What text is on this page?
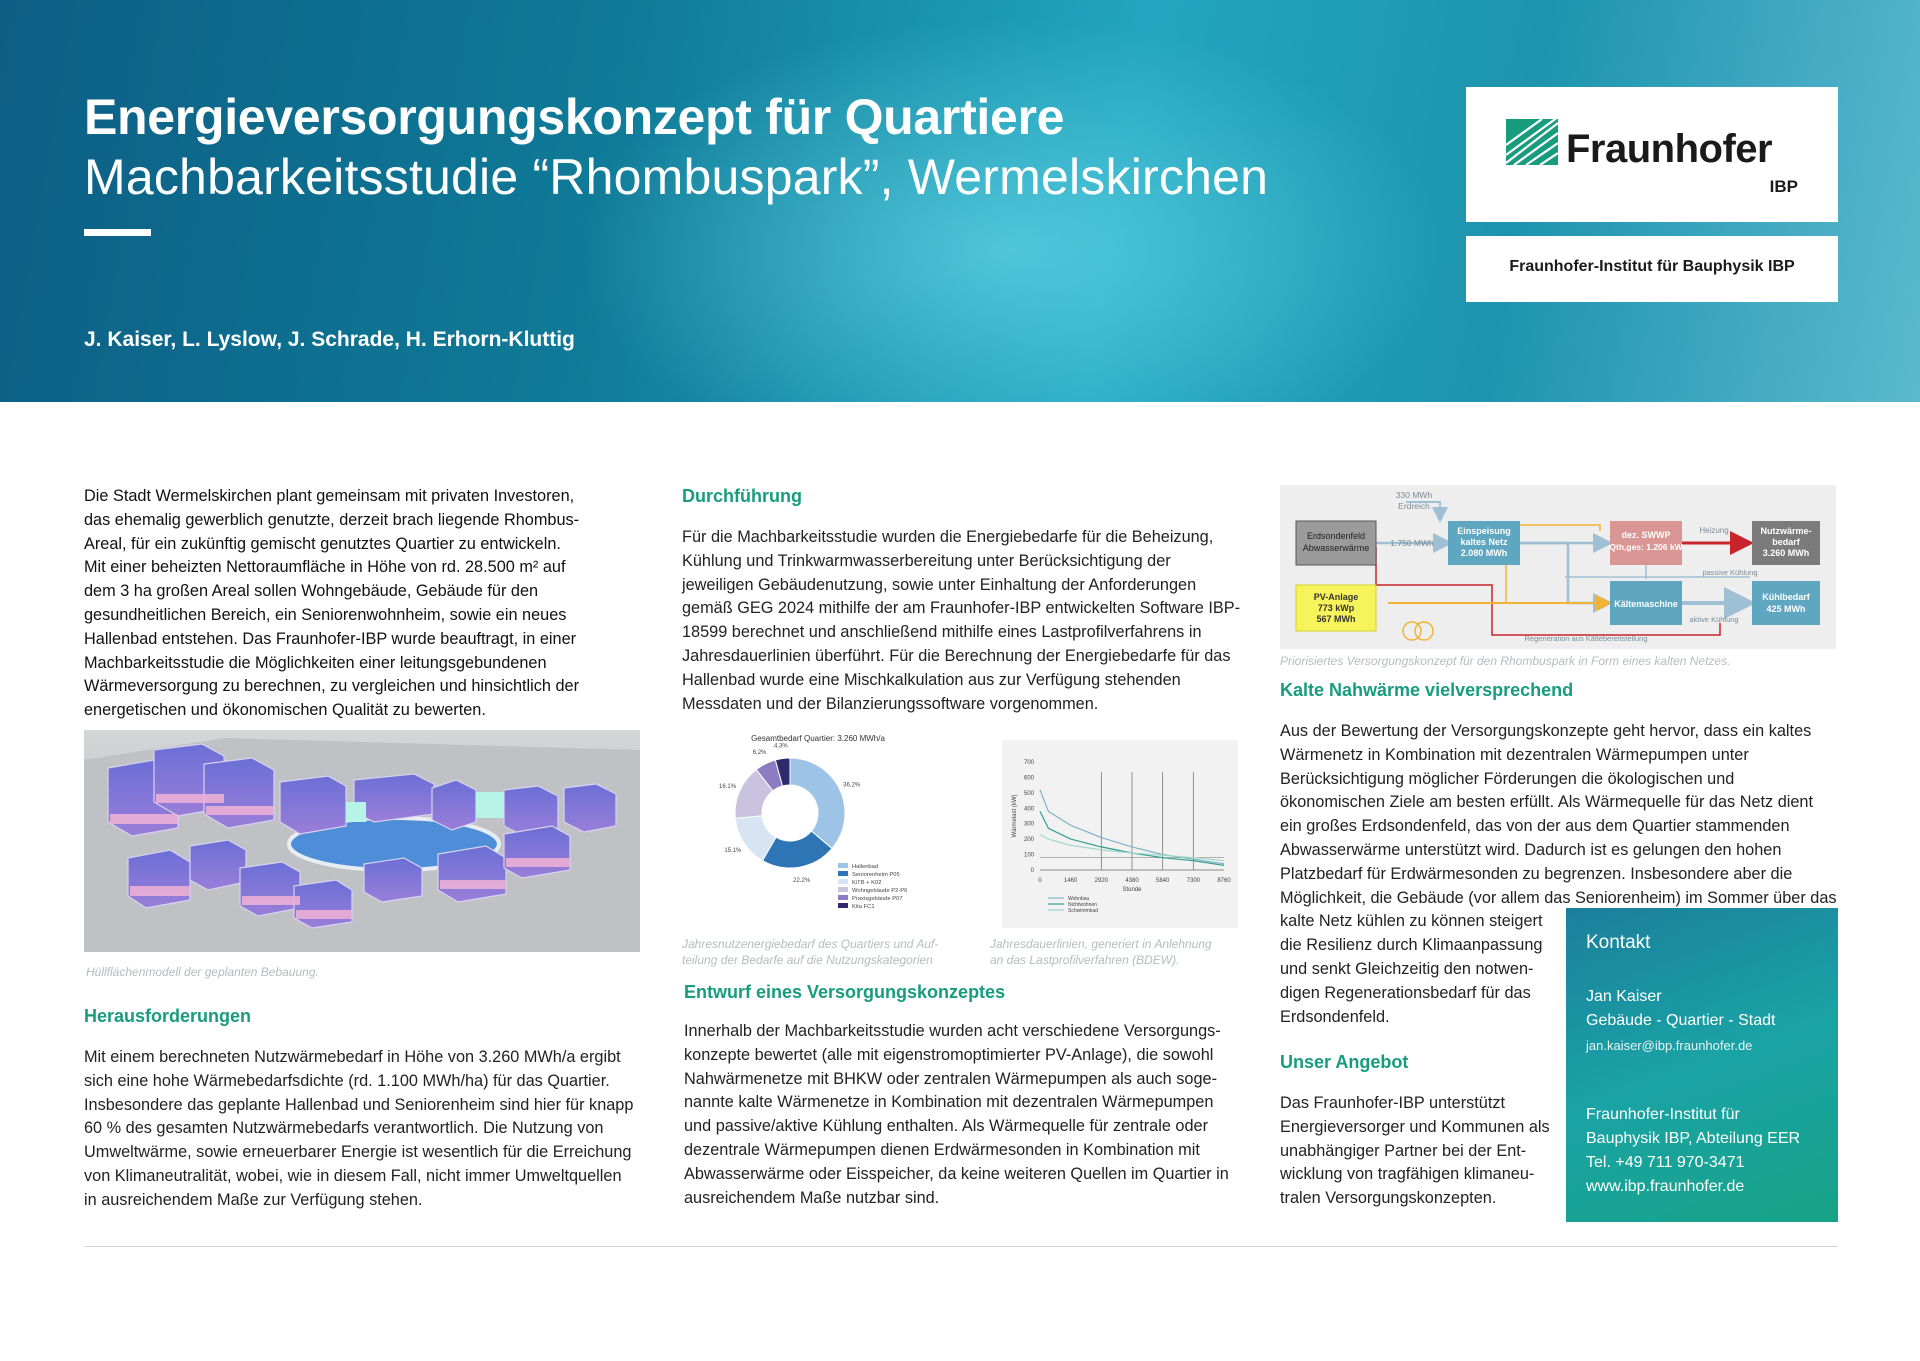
Energieversorgungskonzept für Quartiere
Machbarkeitsstudie “Rhombuspark”, Wermelskirchen
J. Kaiser, L. Lyslow, J. Schrade, H. Erhorn-Kluttig
Fraunhofer
IBP
Fraunhofer-Institut für Bauphysik IBP
Die Stadt Wermelskirchen plant gemeinsam mit privaten Investoren,
das ehemalig gewerblich genutzte, derzeit brach liegende Rhombus-
Areal, für ein zukünftig gemischt genutztes Quartier zu entwickeln.
Mit einer beheizten Nettoraumfläche in Höhe von rd. 28.500 m² auf
dem 3 ha großen Areal sollen Wohngebäude, Gebäude für den
gesundheitlichen Bereich, ein Seniorenwohnheim, sowie ein neues
Hallenbad entstehen. Das Fraunhofer-IBP wurde beauftragt, in einer
Machbarkeitsstudie die Möglichkeiten einer leitungsgebundenen
Wärmeversorgung zu berechnen, zu vergleichen und hinsichtlich der
energetischen und ökonomischen Qualität zu bewerten.
Hüllflächenmodell der geplanten Bebauung.
Herausforderungen
Mit einem berechneten Nutzwärmebedarf in Höhe von 3.260 MWh/a ergibt
sich eine hohe Wärmebedarfsdichte (rd. 1.100 MWh/ha) für das Quartier.
Insbesondere das geplante Hallenbad und Seniorenheim sind hier für knapp
60 % des gesamten Nutzwärmebedarfs verantwortlich. Die Nutzung von
Umweltwärme, sowie erneuerbarer Energie ist wesentlich für die Erreichung
von Klimaneutralität, wobei, wie in diesem Fall, nicht immer Umweltquellen
in ausreichendem Maße zur Verfügung stehen.
Durchführung
Für die Machbarkeitsstudie wurden die Energiebedarfe für die Beheizung,
Kühlung und Trinkwarmwasserbereitung unter Berücksichtigung der
jeweiligen Gebäudenutzung, sowie unter Einhaltung der Anforderungen
gemäß GEG 2024 mithilfe der am Fraunhofer-IBP entwickelten Software IBP-
18599 berechnet und anschließend mithilfe eines Lastprofilverfahrens in
Jahresdauerlinien überführt. Für die Berechnung der Energiebedarfe für das
Hallenbad wurde eine Mischkalkulation aus zur Verfügung stehenden
Messdaten und der Bilanzierungssoftware vorgenommen.
Gesamtbedarf Quartier: 3.260 MWh/a
36.2%
22.2%
15.1%
16.1%
6.2%
4.3%
Hallenbad
Seniorenheim P05
KiTB + K02
Wohngebäude P2-P6
Praxisgebäude P07
Kita FC1
Jahresnutzenergiebedarf des Quartiers und Auf-
teilung der Bedarfe auf die Nutzungskategorien
0
100
200
300
400
500
600
700
0	1460	2920	4380	5840	7300	8760
Stunde
Wärmelast (kW)
Wohnbau
Nichtwohnen
Schwimmbad
Jahresdauerlinien, generiert in Anlehnung
an das Lastprofilverfahren (BDEW).
Entwurf eines Versorgungskonzeptes
Innerhalb der Machbarkeitsstudie wurden acht verschiedene Versorgungs-
konzepte bewertet (alle mit eigenstromoptimierter PV-Anlage), die sowohl
Nahwärmenetze mit BHKW oder zentralen Wärmepumpen als auch soge-
nannte kalte Wärmenetze in Kombination mit dezentralen Wärmepumpen
und passive/aktive Kühlung enthalten. Als Wärmequelle für zentrale oder
dezentrale Wärmepumpen dienen Erdwärmesonden in Kombination mit
Abwasserwärme oder Eisspeicher, da keine weiteren Quellen im Quartier in
ausreichendem Maße nutzbar sind.
Erdsondenfeld
Abwasserwärme
330 MWh
Erdreich
1.750 MWh
Einspeisung
kaltes Netz
2.080 MWh
dez. SWWP
Qth,ges: 1.206 kW
Heizung	Nutzwärme-
bedarf
3.260 MWh
passive Kühlung
PV-Anlage
773 kWp
567 MWh
Kältemaschine
aktive Kühlung
Kühlbedarf
425 MWh
Regeneration aus Kältebereitstellung
Priorisiertes Versorgungskonzept für den Rhombuspark in Form eines kalten Netzes.
Kalte Nahwärme vielversprechend
Aus der Bewertung der Versorgungskonzepte geht hervor, dass ein kaltes
Wärmenetz in Kombination mit dezentralen Wärmepumpen unter
Berücksichtigung möglicher Förderungen die ökologischen und
ökonomischen Ziele am besten erfüllt. Als Wärmequelle für das Netz dient
ein großes Erdsondenfeld, das von der aus dem Quartier stammenden
Abwasserwärme unterstützt wird. Dadurch ist es gelungen den hohen
Platzbedarf für Erdwärmesonden zu begrenzen. Insbesondere aber die
Möglichkeit, die Gebäude (vor allem das Seniorenheim) im Sommer über das
kalte Netz kühlen zu können steigert
die Resilienz durch Klimaanpassung
und senkt Gleichzeitig den notwen-
digen Regenerationsbedarf für das
Erdsondenfeld.
Unser Angebot
Das Fraunhofer-IBP unterstützt
Energieversorger und Kommunen als
unabhängiger Partner bei der Ent-
wicklung von tragfähigen klimaneu-
tralen Versorgungskonzepten.
Kontakt
Jan Kaiser
Gebäude - Quartier - Stadt
jan.kaiser@ibp.fraunhofer.de
Fraunhofer-Institut für
Bauphysik IBP, Abteilung EER
Tel. +49 711 970-3471
www.ibp.fraunhofer.de
